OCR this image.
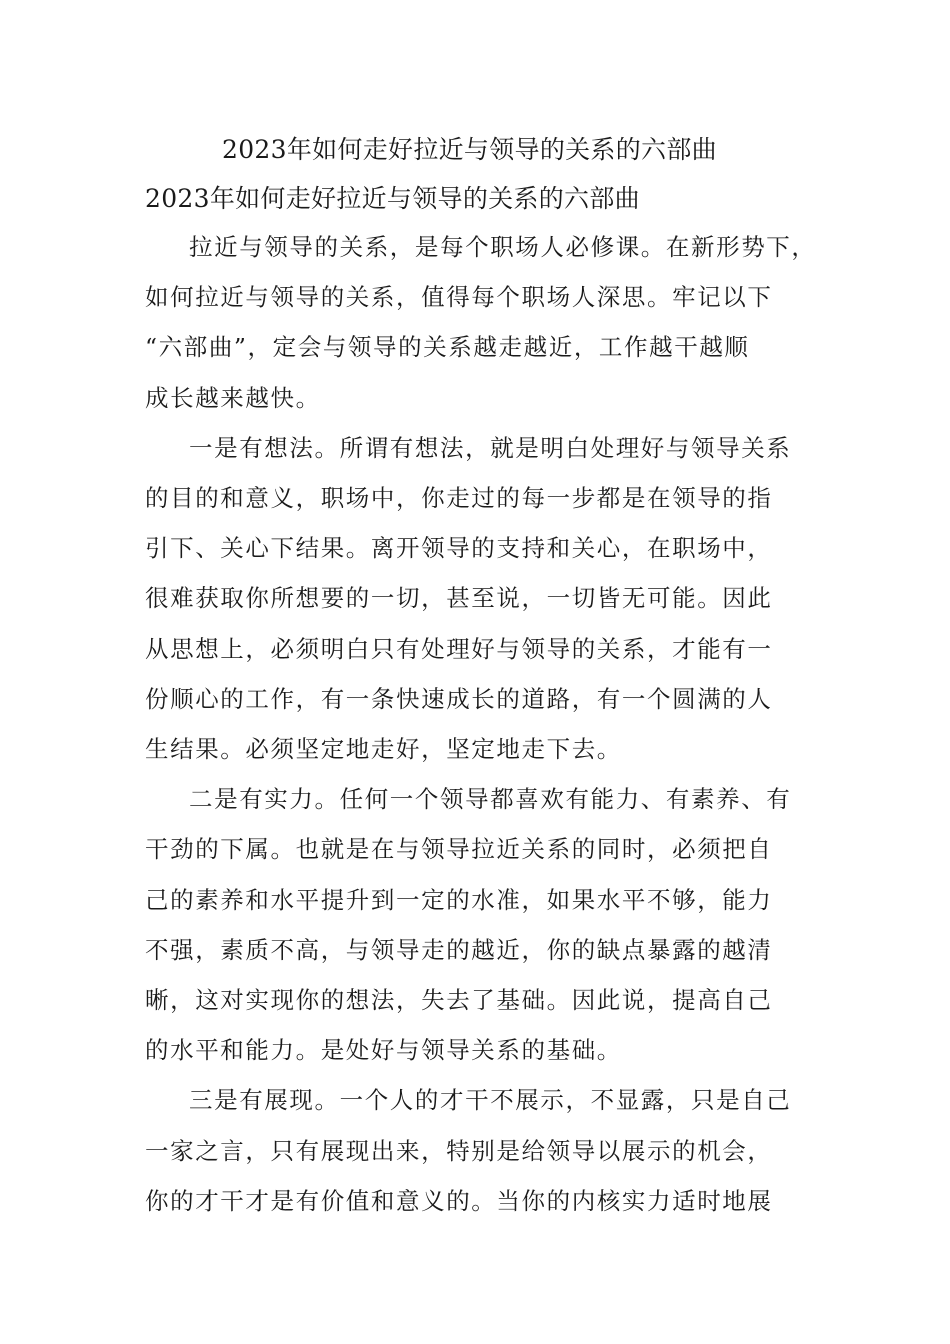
2023年如何走好拉近与领导的关系的六部曲
2023年如何走好拉近与领导的关系的六部曲
拉近与领导的关系，是每个职场人必修课。在新形势下，
如何拉近与领导的关系，值得每个职场人深思。牢记以下
“六部曲”，定会与领导的关系越走越近，工作越干越顺
成长越来越快。
一是有想法。所谓有想法，就是明白处理好与领导关系
的目的和意义，职场中，你走过的每一步都是在领导的指
引下、关心下结果。离开领导的支持和关心，在职场中，
很难获取你所想要的一切，甚至说，一切皆无可能。因此
从思想上，必须明白只有处理好与领导的关系，才能有一
份顺心的工作，有一条快速成长的道路，有一个圆满的人
生结果。必须坚定地走好，坚定地走下去。
二是有实力。任何一个领导都喜欢有能力、有素养、有
干劲的下属。也就是在与领导拉近关系的同时，必须把自
己的素养和水平提升到一定的水准，如果水平不够，能力
不强，素质不高，与领导走的越近，你的缺点暴露的越清
晰，这对实现你的想法，失去了基础。因此说，提高自己
的水平和能力。是处好与领导关系的基础。
三是有展现。一个人的才干不展示，不显露，只是自己
一家之言，只有展现出来，特别是给领导以展示的机会，
你的才干才是有价值和意义的。当你的内核实力适时地展
